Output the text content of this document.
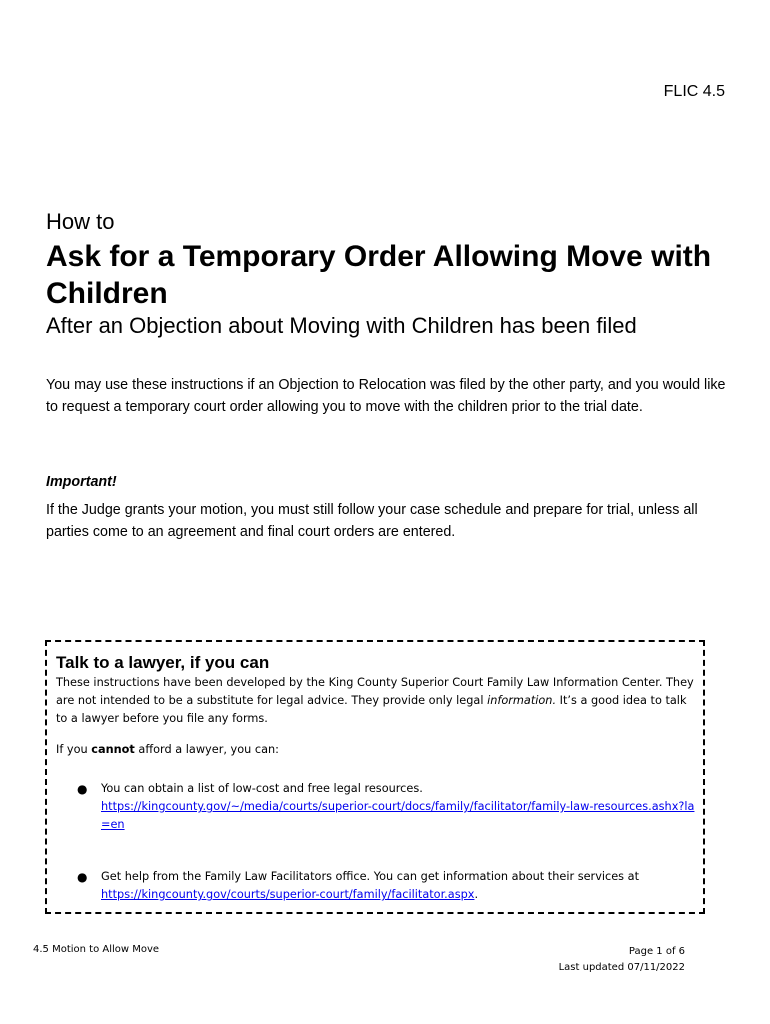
FLIC 4.5
How to
Ask for a Temporary Order Allowing Move with Children
After an Objection about Moving with Children has been filed

You may use these instructions if an Objection to Relocation was filed by the other party, and you would like to request a temporary court order allowing you to move with the children prior to the trial date.

Important!

If the Judge grants your motion, you must still follow your case schedule and prepare for trial, unless all parties come to an agreement and final court orders are entered.

Talk to a lawyer, if you can

These instructions have been developed by the King County Superior Court Family Law Information Center. They are not intended to be a substitute for legal advice. They provide only legal information. It’s a good idea to talk to a lawyer before you file any forms.

If you cannot afford a lawyer, you can:
● You can obtain a list of low-cost and free legal resources.
https://kingcounty.gov/~/media/courts/superior-court/docs/family/facilitator/family-law-resources.ashx?la=en
● Get help from the Family Law Facilitators office. You can get information about their services at
https://kingcounty.gov/courts/superior-court/family/facilitator.aspx.
4.5 Motion to Allow Move	Page 1 of 6
Last updated 07/11/2022
